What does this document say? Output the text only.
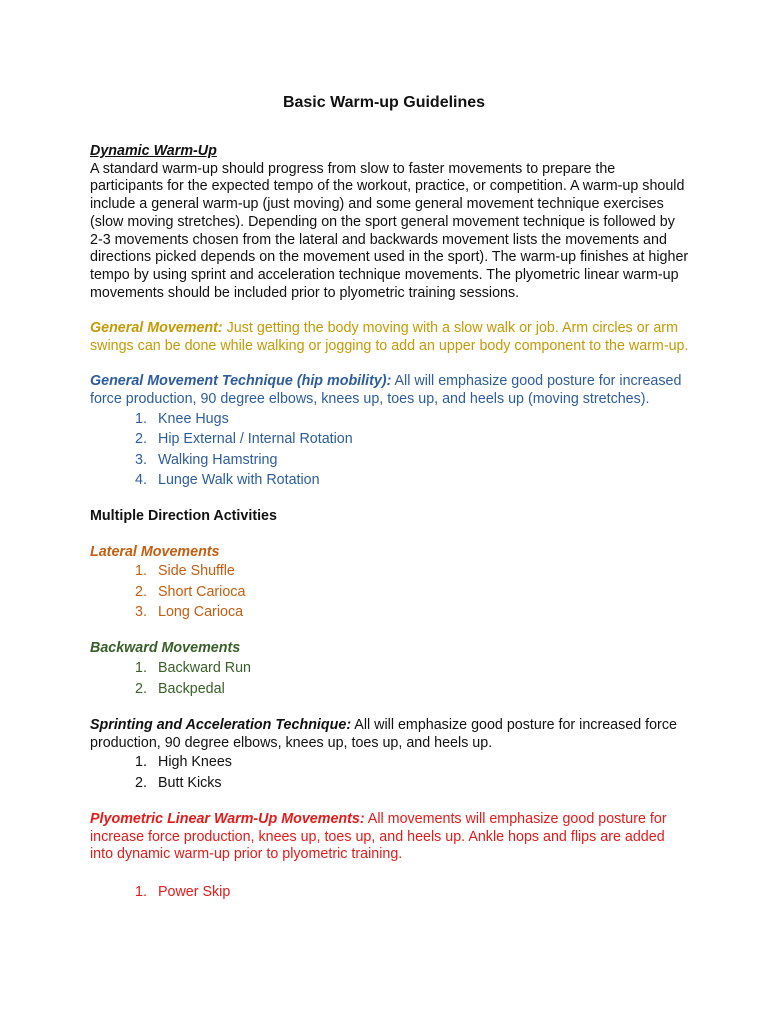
Basic Warm-up Guidelines

Dynamic Warm-Up
A standard warm-up should progress from slow to faster movements to prepare the participants for the expected tempo of the workout, practice, or competition. A warm-up should include a general warm-up (just moving) and some general movement technique exercises (slow moving stretches). Depending on the sport general movement technique is followed by 2-3 movements chosen from the lateral and backwards movement lists the movements and directions picked depends on the movement used in the sport). The warm-up finishes at higher tempo by using sprint and acceleration technique movements. The plyometric linear warm-up movements should be included prior to plyometric training sessions.

General Movement: Just getting the body moving with a slow walk or job. Arm circles or arm swings can be done while walking or jogging to add an upper body component to the warm-up.

General Movement Technique (hip mobility): All will emphasize good posture for increased force production, 90 degree elbows, knees up, toes up, and heels up (moving stretches).

1. Knee Hugs
2. Hip External / Internal Rotation
3. Walking Hamstring
4. Lunge Walk with Rotation

Multiple Direction Activities

Lateral Movements

1. Side Shuffle
2. Short Carioca
3. Long Carioca

Backward Movements

1. Backward Run
2. Backpedal

Sprinting and Acceleration Technique: All will emphasize good posture for increased force production, 90 degree elbows, knees up, toes up, and heels up.

1. High Knees
2. Butt Kicks

Plyometric Linear Warm-Up Movements: All movements will emphasize good posture for increase force production, knees up, toes up, and heels up. Ankle hops and flips are added into dynamic warm-up prior to plyometric training.

1. Power Skip
